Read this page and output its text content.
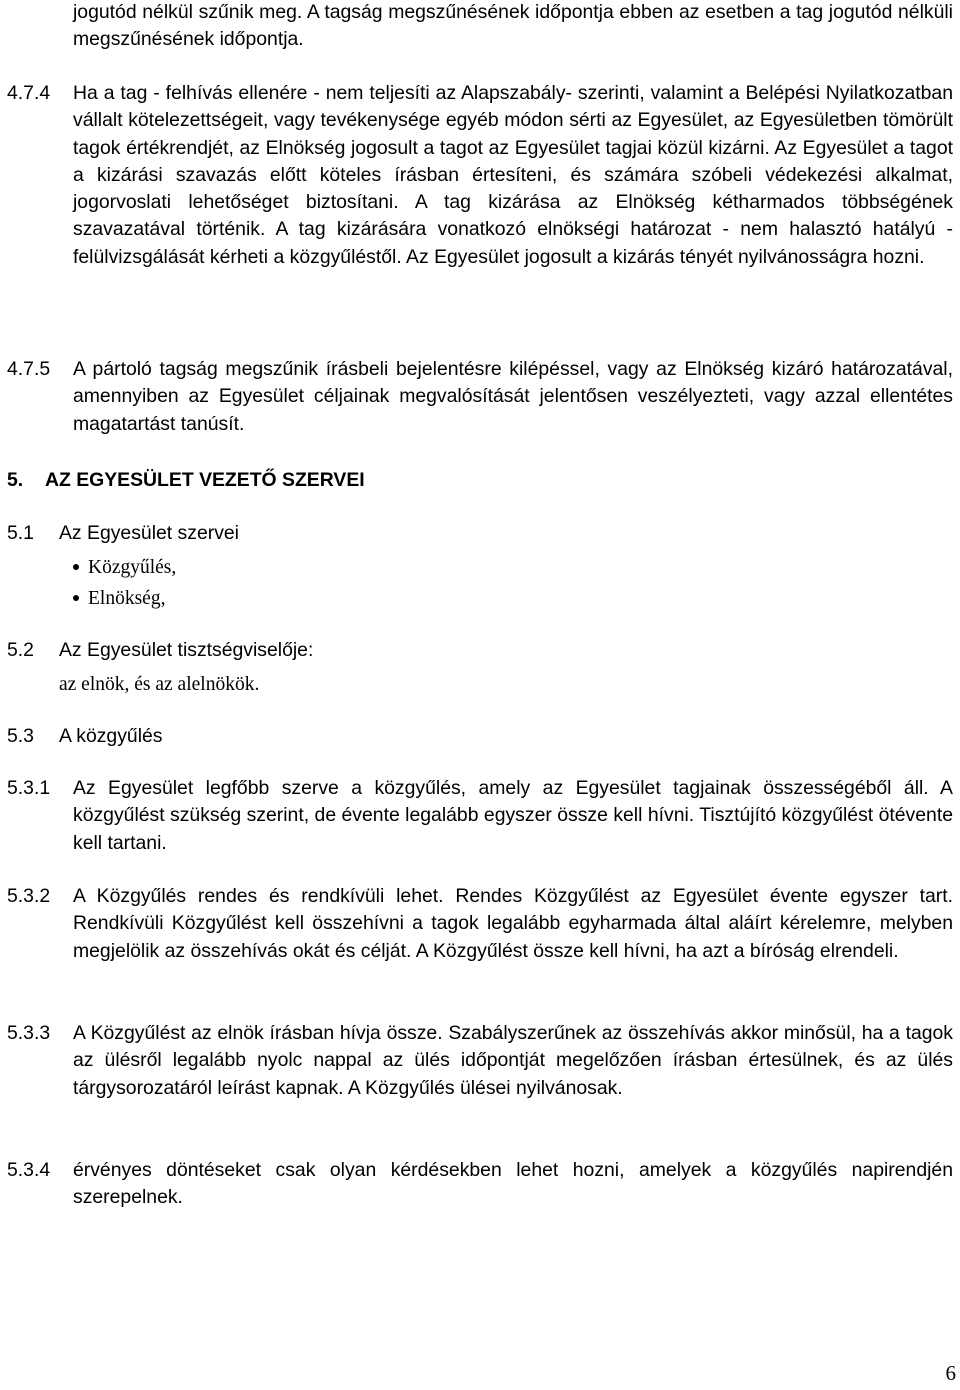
jogutód nélkül szűnik meg. A tagság megszűnésének időpontja ebben az esetben a tag jogutód nélküli megszűnésének időpontja.

4.7.4 Ha a tag - felhívás ellenére - nem teljesíti az Alapszabály- szerinti, valamint a Belépési Nyilatkozatban vállalt kötelezettségeit, vagy tevékenysége egyéb módon sérti az Egyesület, az Egyesületben tömörült tagok értékrendjét, az Elnökség jogosult a tagot az Egyesület tagjai közül kizárni. Az Egyesület a tagot a kizárási szavazás előtt köteles írásban értesíteni, és számára szóbeli védekezési alkalmat, jogorvoslati lehetőséget biztosítani. A tag kizárása az Elnökség kétharmados többségének szavazatával történik. A tag kizárására vonatkozó elnökségi határozat - nem halasztó hatályú - felülvizsgálását kérheti a közgyűléstől. Az Egyesület jogosult a kizárás tényét nyilvánosságra hozni.

4.7.5 A pártoló tagság megszűnik írásbeli bejelentésre kilépéssel, vagy az Elnökség kizáró határozatával, amennyiben az Egyesület céljainak megvalósítását jelentősen veszélyezteti, vagy azzal ellentétes magatartást tanúsít.

5. AZ EGYESÜLET VEZETŐ SZERVEI
5.1 Az Egyesület szervei
Közgyűlés,
Elnökség,
5.2 Az Egyesület tisztségviselője:
az elnök, és az alelnökök.
5.3 A közgyűlés
5.3.1 Az Egyesület legfőbb szerve a közgyűlés, amely az Egyesület tagjainak összességéből áll. A közgyűlést szükség szerint, de évente legalább egyszer össze kell hívni. Tisztújító közgyűlést ötévente kell tartani.

5.3.2 A Közgyűlés rendes és rendkívüli lehet. Rendes Közgyűlést az Egyesület évente egyszer tart. Rendkívüli Közgyűlést kell összehívni a tagok legalább egyharmada által aláírt kérelemre, melyben megjelölik az összehívás okát és célját. A Közgyűlést össze kell hívni, ha azt a bíróság elrendeli.

5.3.3 A Közgyűlést az elnök írásban hívja össze. Szabályszerűnek az összehívás akkor minősül, ha a tagok az ülésről legalább nyolc nappal az ülés időpontját megelőzően írásban értesülnek, és az ülés tárgysorozatáról leírást kapnak. A Közgyűlés ülései nyilvánosak.

5.3.4 érvényes döntéseket csak olyan kérdésekben lehet hozni, amelyek a közgyűlés napirendjén szerepelnek.

6
